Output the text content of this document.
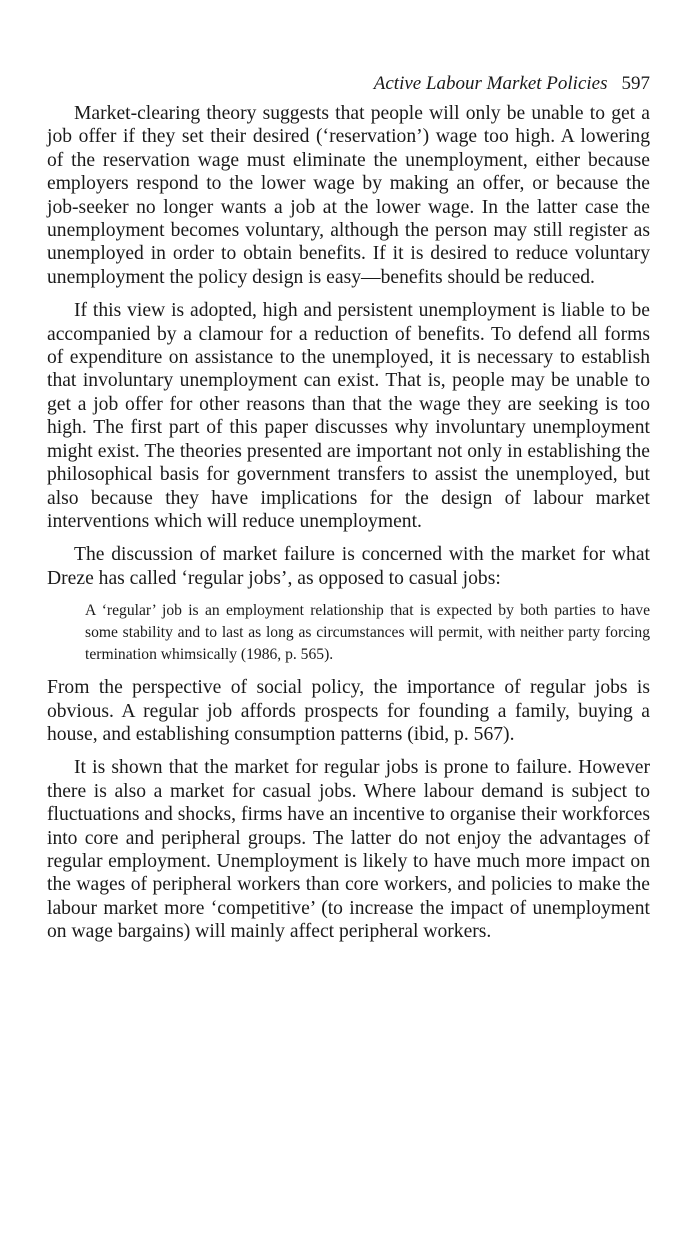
Active Labour Market Policies 597

Market-clearing theory suggests that people will only be unable to get a job offer if they set their desired (‘reservation’) wage too high. A lowering of the reservation wage must eliminate the unemployment, either because employers respond to the lower wage by making an offer, or because the job-seeker no longer wants a job at the lower wage. In the latter case the unemployment becomes voluntary, although the person may still register as unemployed in order to obtain benefits. If it is desired to reduce voluntary unemployment the policy design is easy—benefits should be reduced.

If this view is adopted, high and persistent unemployment is liable to be accompanied by a clamour for a reduction of benefits. To defend all forms of expenditure on assistance to the unemployed, it is necessary to establish that involuntary unemployment can exist. That is, people may be unable to get a job offer for other reasons than that the wage they are seeking is too high. The first part of this paper discusses why involuntary unemployment might exist. The theories presented are important not only in establishing the philosophical basis for government transfers to assist the unemployed, but also because they have implications for the design of labour market interventions which will reduce unemployment.

The discussion of market failure is concerned with the market for what Dreze has called ‘regular jobs’, as opposed to casual jobs:

A ‘regular’ job is an employment relationship that is expected by both parties to have some stability and to last as long as circumstances will permit, with neither party forcing termination whimsically (1986, p. 565).

From the perspective of social policy, the importance of regular jobs is obvious. A regular job affords prospects for founding a family, buying a house, and establishing consumption patterns (ibid, p. 567).

It is shown that the market for regular jobs is prone to failure. However there is also a market for casual jobs. Where labour demand is subject to fluctuations and shocks, firms have an incentive to organise their workforces into core and peripheral groups. The latter do not enjoy the advantages of regular employment. Unemployment is likely to have much more impact on the wages of peripheral workers than core workers, and policies to make the labour market more ‘competitive’ (to increase the impact of unemployment on wage bargains) will mainly affect peripheral workers.
